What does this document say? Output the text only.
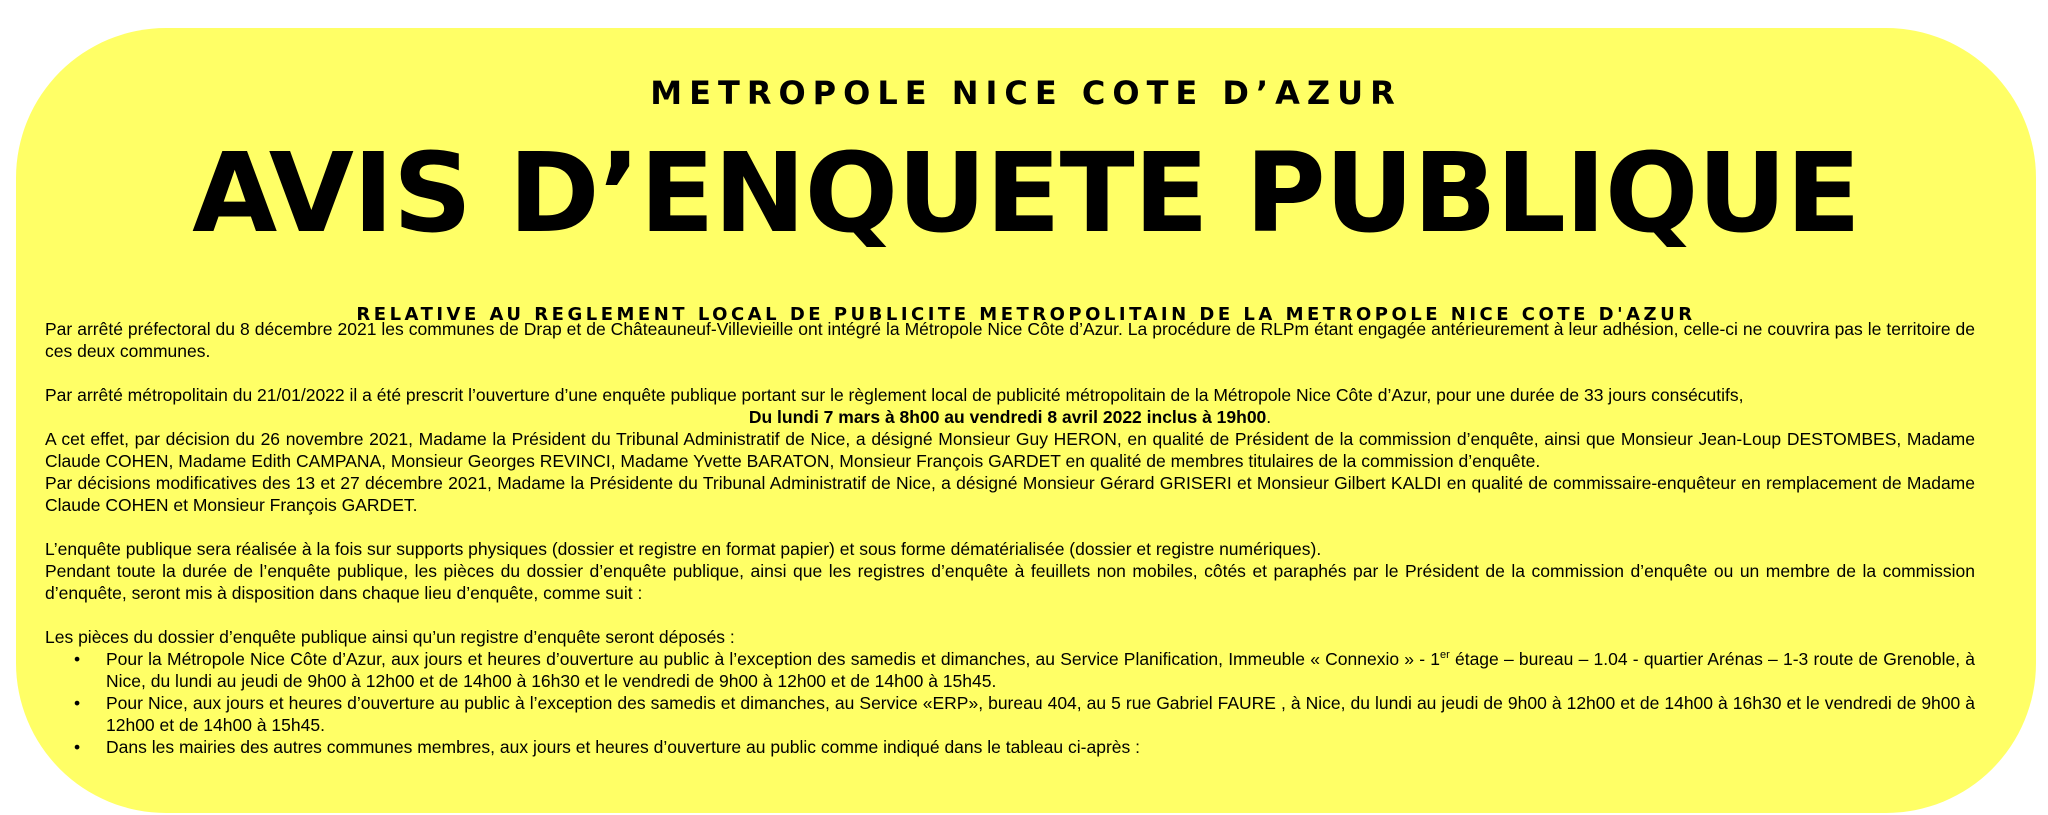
METROPOLE NICE COTE D’AZUR
AVIS D’ENQUETE PUBLIQUE
RELATIVE AU REGLEMENT LOCAL DE PUBLICITE METROPOLITAIN DE LA METROPOLE NICE COTE D'AZUR

Par arrêté préfectoral du 8 décembre 2021 les communes de Drap et de Châteauneuf-Villevieille ont intégré la Métropole Nice Côte d’Azur. La procédure de RLPm étant engagée antérieurement à leur adhésion, celle-ci ne couvrira pas le territoire de ces deux communes.

Par arrêté métropolitain du 21/01/2022 il a été prescrit l’ouverture d’une enquête publique portant sur le règlement local de publicité métropolitain de la Métropole Nice Côte d’Azur, pour une durée de 33 jours consécutifs,

Du lundi 7 mars à 8h00 au vendredi 8 avril 2022 inclus à 19h00.

A cet effet, par décision du 26 novembre 2021, Madame la Président du Tribunal Administratif de Nice, a désigné Monsieur Guy HERON, en qualité de Président de la commission d’enquête, ainsi que Monsieur Jean-Loup DESTOMBES, Madame Claude COHEN, Madame Edith CAMPANA, Monsieur Georges REVINCI, Madame Yvette BARATON, Monsieur François GARDET en qualité de membres titulaires de la commission d’enquête.

Par décisions modificatives des 13 et 27 décembre 2021, Madame la Présidente du Tribunal Administratif de Nice, a désigné Monsieur Gérard GRISERI et Monsieur Gilbert KALDI en qualité de commissaire-enquêteur en remplacement de Madame Claude COHEN et Monsieur François GARDET.

L’enquête publique sera réalisée à la fois sur supports physiques (dossier et registre en format papier) et sous forme dématérialisée (dossier et registre numériques).

Pendant toute la durée de l’enquête publique, les pièces du dossier d’enquête publique, ainsi que les registres d’enquête à feuillets non mobiles, côtés et paraphés par le Président de la commission d’enquête ou un membre de la commission d’enquête, seront mis à disposition dans chaque lieu d’enquête, comme suit :

Les pièces du dossier d’enquête publique ainsi qu’un registre d’enquête seront déposés :

• Pour la Métropole Nice Côte d’Azur, aux jours et heures d’ouverture au public à l’exception des samedis et dimanches, au Service Planification, Immeuble « Connexio » - 1er étage – bureau – 1.04 - quartier Arénas – 1-3 route de Grenoble, à Nice, du lundi au jeudi de 9h00 à 12h00 et de 14h00 à 16h30 et le vendredi de 9h00 à 12h00 et de 14h00 à 15h45.
• Pour Nice, aux jours et heures d’ouverture au public à l’exception des samedis et dimanches, au Service «ERP», bureau 404, au 5 rue Gabriel FAURE , à Nice, du lundi au jeudi de 9h00 à 12h00 et de 14h00 à 16h30 et le vendredi de 9h00 à 12h00 et de 14h00 à 15h45.
• Dans les mairies des autres communes membres, aux jours et heures d’ouverture au public comme indiqué dans le tableau ci-après :
